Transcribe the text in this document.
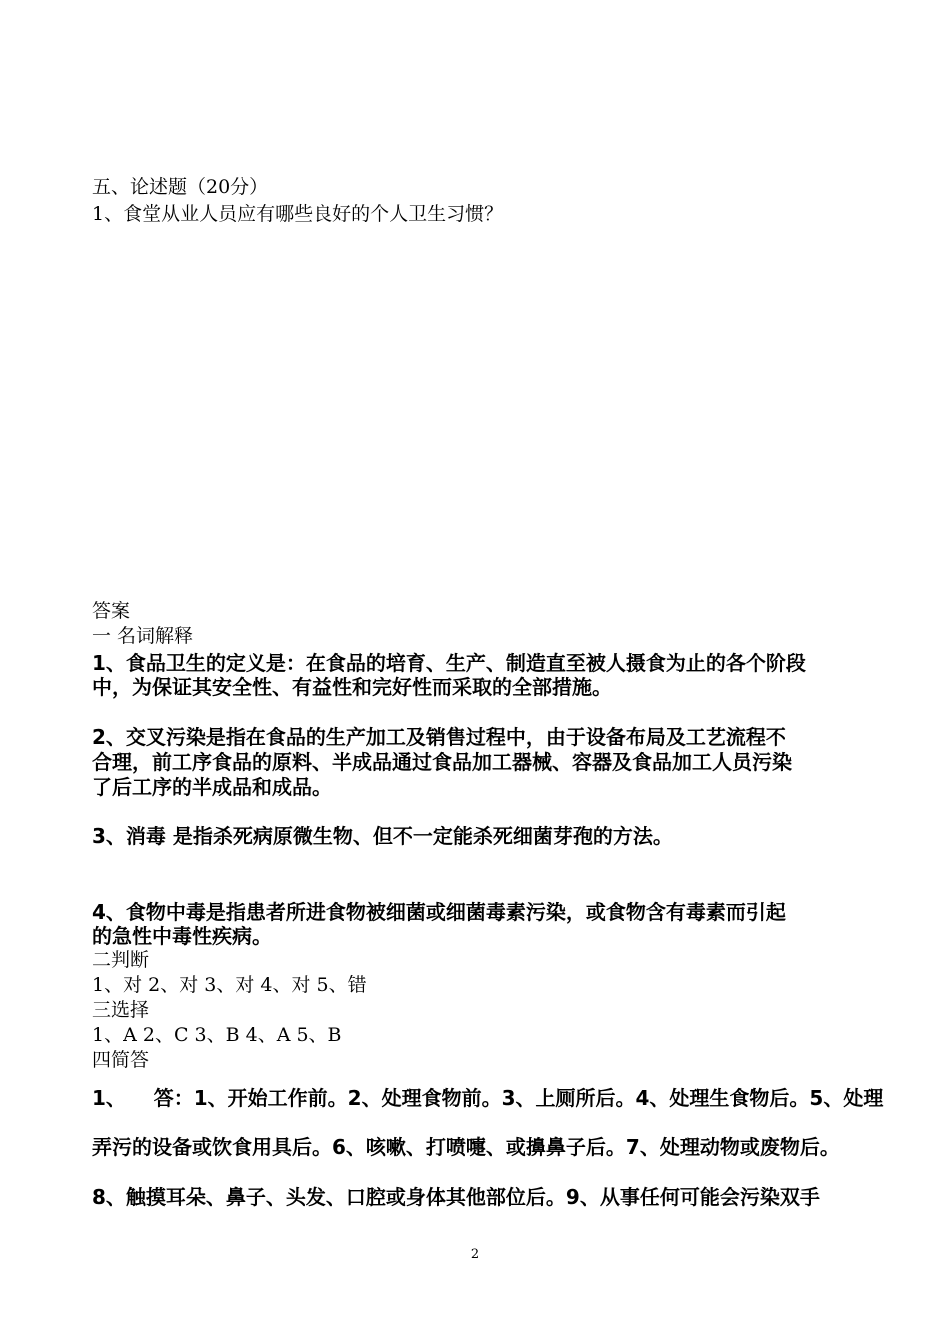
五、论述题（20分）
1、食堂从业人员应有哪些良好的个人卫生习惯？
答案
一 名词解释
1、食品卫生的定义是：在食品的培育、生产、制造直至被人摄食为止的各个阶段
中，为保证其安全性、有益性和完好性而采取的全部措施。
2、交叉污染是指在食品的生产加工及销售过程中，由于设备布局及工艺流程不
合理，前工序食品的原料、半成品通过食品加工器械、容器及食品加工人员污染
了后工序的半成品和成品。
3、消毒 是指杀死病原微生物、但不一定能杀死细菌芽孢的方法。
4、食物中毒是指患者所进食物被细菌或细菌毒素污染，或食物含有毒素而引起
的急性中毒性疾病。
二判断
1、对 2、对 3、对 4、对 5、错
三选择
1、A 2、C 3、B 4、A 5、B
四简答
1、    答：1、开始工作前。2、处理食物前。3、上厕所后。4、处理生食物后。5、处理
弄污的设备或饮食用具后。6、咳嗽、打喷嚏、或擤鼻子后。7、处理动物或废物后。
8、触摸耳朵、鼻子、头发、口腔或身体其他部位后。9、从事任何可能会污染双手
2
